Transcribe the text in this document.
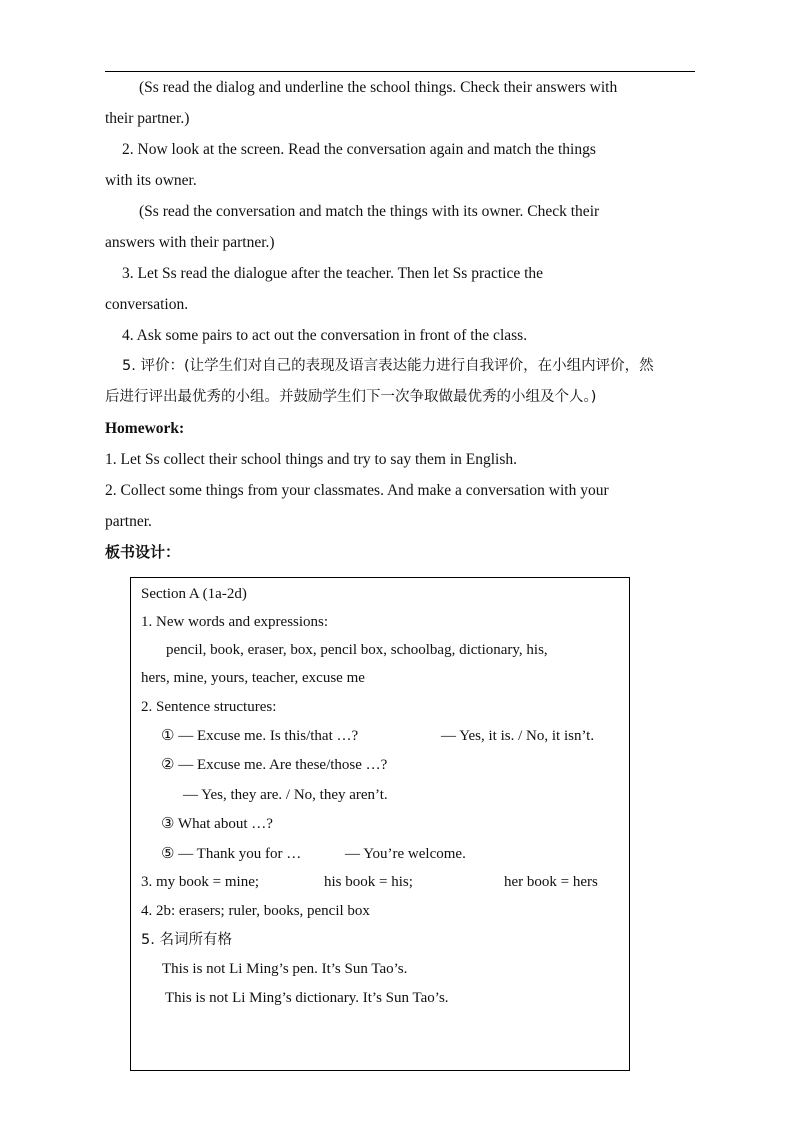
(Ss read the dialog and underline the school things. Check their answers with

their partner.)

2. Now look at the screen. Read the conversation again and match the things

with its owner.

(Ss read the conversation and match the things with its owner. Check their

answers with their partner.)

3. Let Ss read the dialogue after the teacher. Then let Ss practice the

conversation.

4. Ask some pairs to act out the conversation in front of the class.

5. 评价：(让学生们对自己的表现及语言表达能力进行自我评价，在小组内评价，然

后进行评出最优秀的小组。并鼓励学生们下一次争取做最优秀的小组及个人。)

Homework:

1. Let Ss collect their school things and try to say them in English.

2. Collect some things from your classmates. And make a conversation with your

partner.

板书设计：

Section A (1a-2d)
1. New words and expressions:
pencil, book, eraser, box, pencil box, schoolbag, dictionary, his,
hers, mine, yours, teacher, excuse me
2. Sentence structures:
① — Excuse me. Is this/that …?	— Yes, it is. / No, it isn’t.
② — Excuse me. Are these/those …?
— Yes, they are. / No, they aren’t.
③ What about …?
⑤ — Thank you for …	— You’re welcome.
3. my book = mine;	his book = his;	her book = hers
4. 2b: erasers; ruler, books, pencil box
5. 名词所有格
This is not Li Ming’s pen. It’s Sun Tao’s.
This is not Li Ming’s dictionary. It’s Sun Tao’s.
